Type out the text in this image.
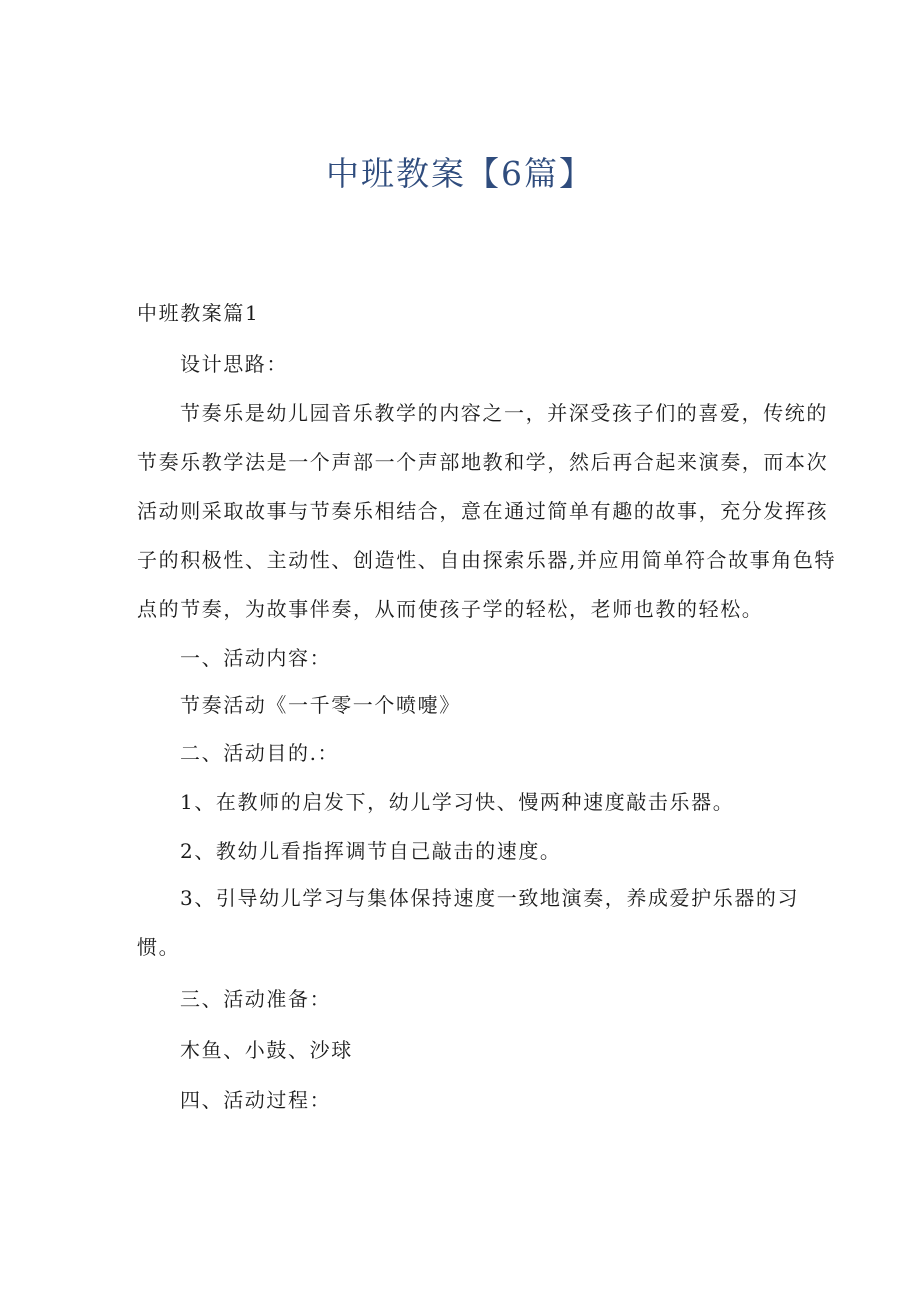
中班教案【6篇】

中班教案篇1

设计思路：

节奏乐是幼儿园音乐教学的内容之一，并深受孩子们的喜爱，传统的

节奏乐教学法是一个声部一个声部地教和学，然后再合起来演奏，而本次

活动则采取故事与节奏乐相结合，意在通过简单有趣的故事，充分发挥孩

子的积极性、主动性、创造性、自由探索乐器,并应用简单符合故事角色特

点的节奏，为故事伴奏，从而使孩子学的轻松，老师也教的轻松。

一、活动内容：

节奏活动《一千零一个喷嚏》

二、活动目的.：

1、在教师的启发下，幼儿学习快、慢两种速度敲击乐器。

2、教幼儿看指挥调节自己敲击的速度。

3、引导幼儿学习与集体保持速度一致地演奏，养成爱护乐器的习

惯。

三、活动准备：

木鱼、小鼓、沙球

四、活动过程：
